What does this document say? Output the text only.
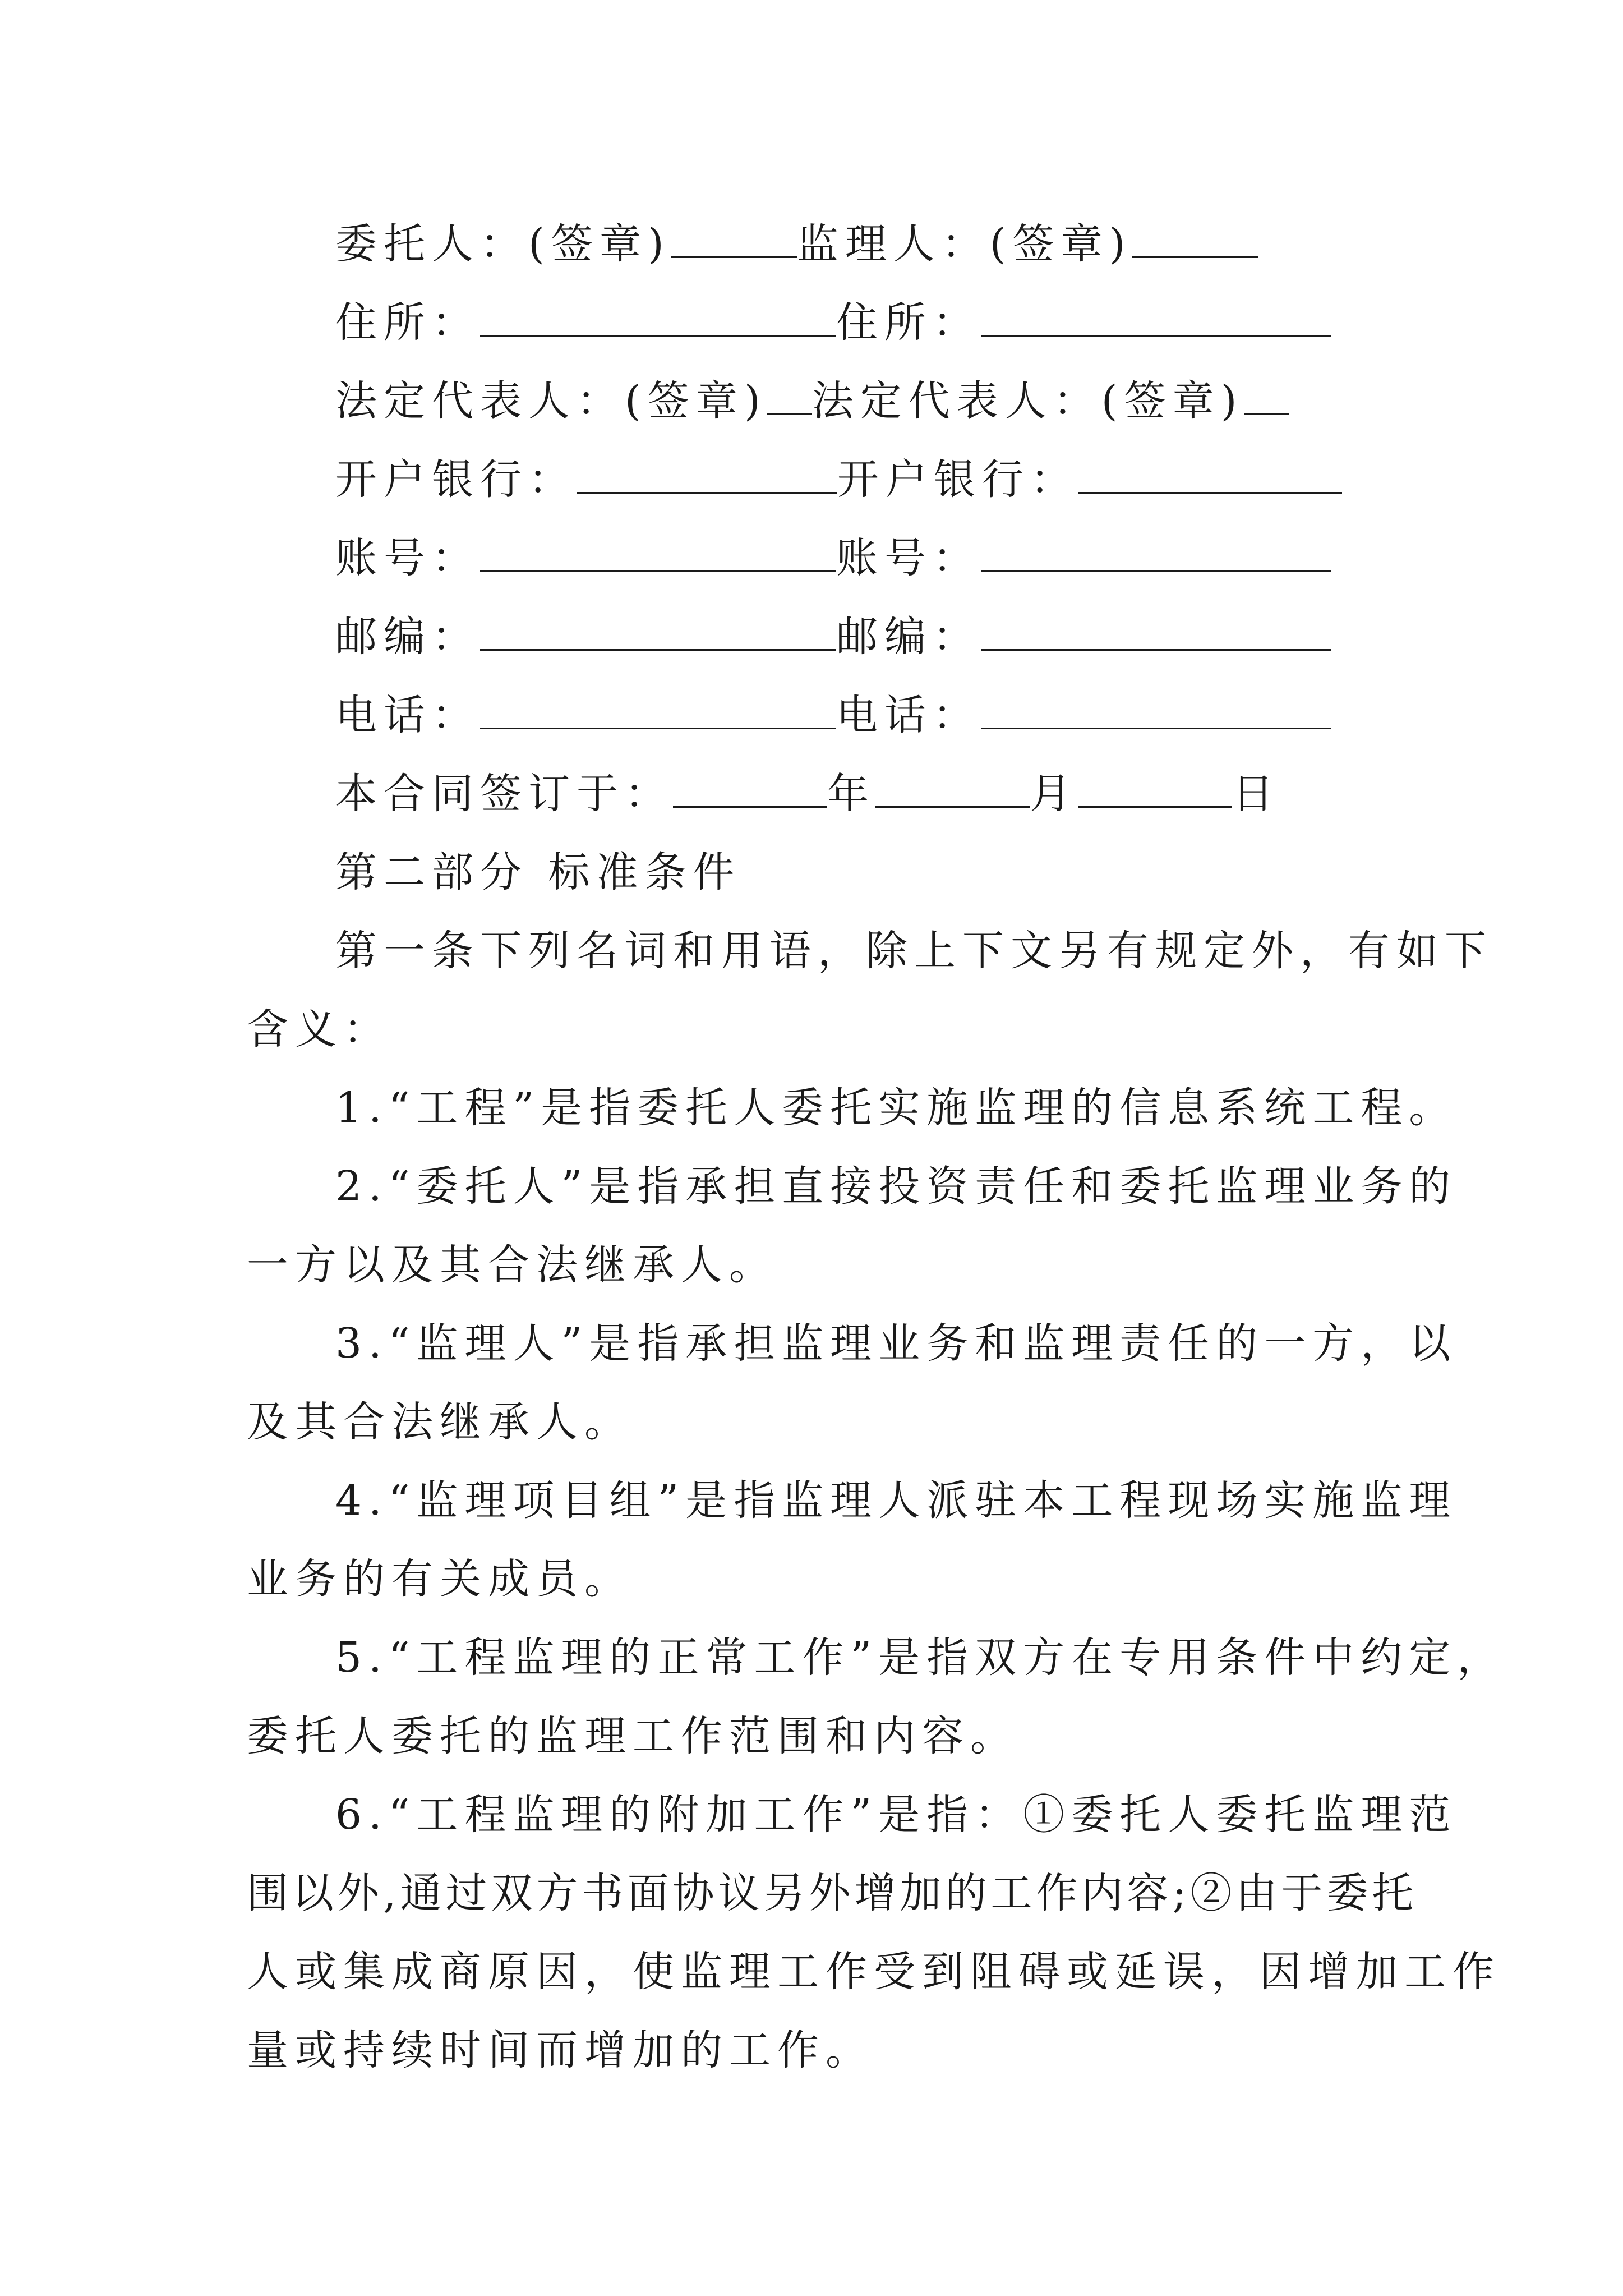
委托人：(签章)	监理人：(签章)
住所：	住所：
法定代表人：(签章) 法定代表人：(签章)
开户银行：	开户银行：
账号：	账号：
邮编：	邮编：
电话：	电话：
本合同签订于：	年	月	日
第二部分 标准条件
第一条下列名词和用语，除上下文另有规定外，有如下
含义：
1.“工程”是指委托人委托实施监理的信息系统工程。
2.“委托人”是指承担直接投资责任和委托监理业务的
一方以及其合法继承人。
3.“监理人”是指承担监理业务和监理责任的一方，以
及其合法继承人。
4.“监理项目组”是指监理人派驻本工程现场实施监理
业务的有关成员。
5.“工程监理的正常工作”是指双方在专用条件中约定，
委托人委托的监理工作范围和内容。
6.“工程监理的附加工作”是指：①委托人委托监理范
围以外,通过双方书面协议另外增加的工作内容;②由于委托
人或集成商原因，使监理工作受到阻碍或延误，因增加工作
量或持续时间而增加的工作。
